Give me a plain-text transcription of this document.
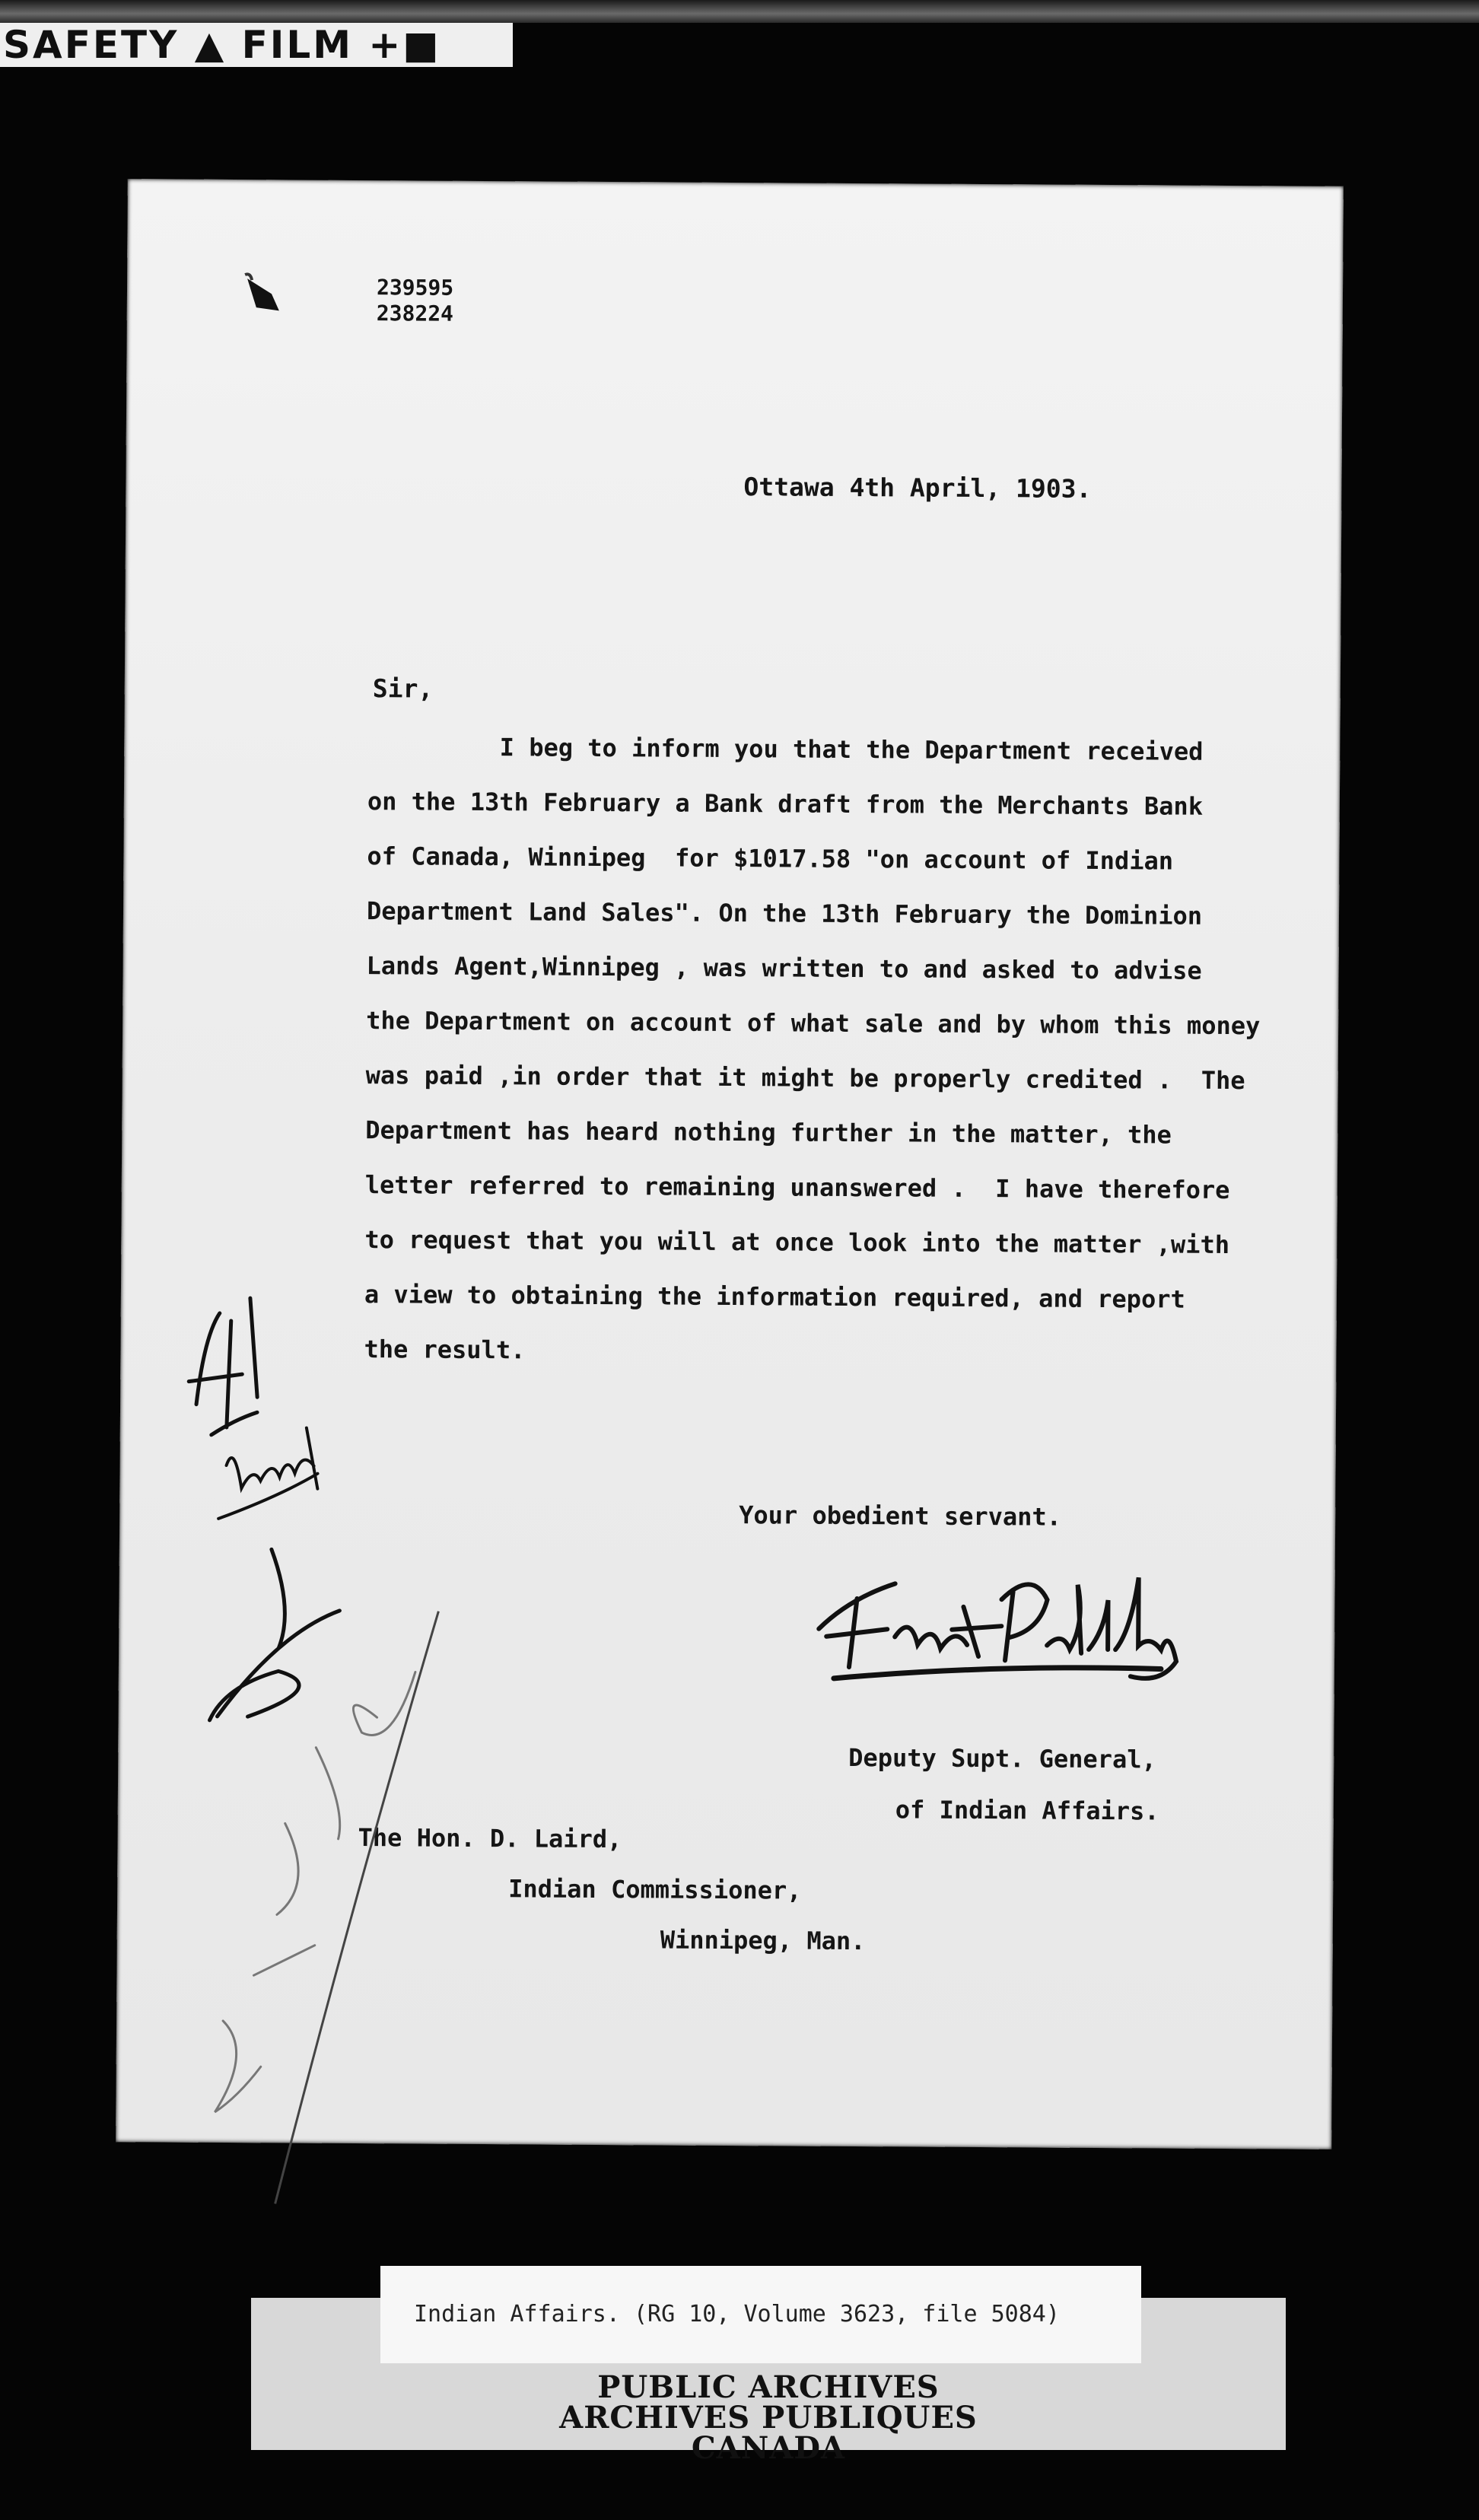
SAFETY ▲ FILM +■
239595
238224
Ottawa 4th April, 1903.
Sir,
I beg to inform you that the Department received
on the 13th February a Bank draft from the Merchants Bank
of Canada, Winnipeg  for $1017.58 "on account of Indian
Department Land Sales". On the 13th February the Dominion
Lands Agent,Winnipeg , was written to and asked to advise
the Department on account of what sale and by whom this money
was paid ,in order that it might be properly credited .  The
Department has heard nothing further in the matter, the
letter referred to remaining unanswered .  I have therefore
to request that you will at once look into the matter ,with
a view to obtaining the information required, and report
the result.
Your obedient servant.
Deputy Supt. General,
of Indian Affairs.
The Hon. D. Laird,
Indian Commissioner,
Winnipeg, Man.
Indian Affairs. (RG 10, Volume 3623, file 5084)
PUBLIC ARCHIVES
ARCHIVES PUBLIQUES
CANADA
